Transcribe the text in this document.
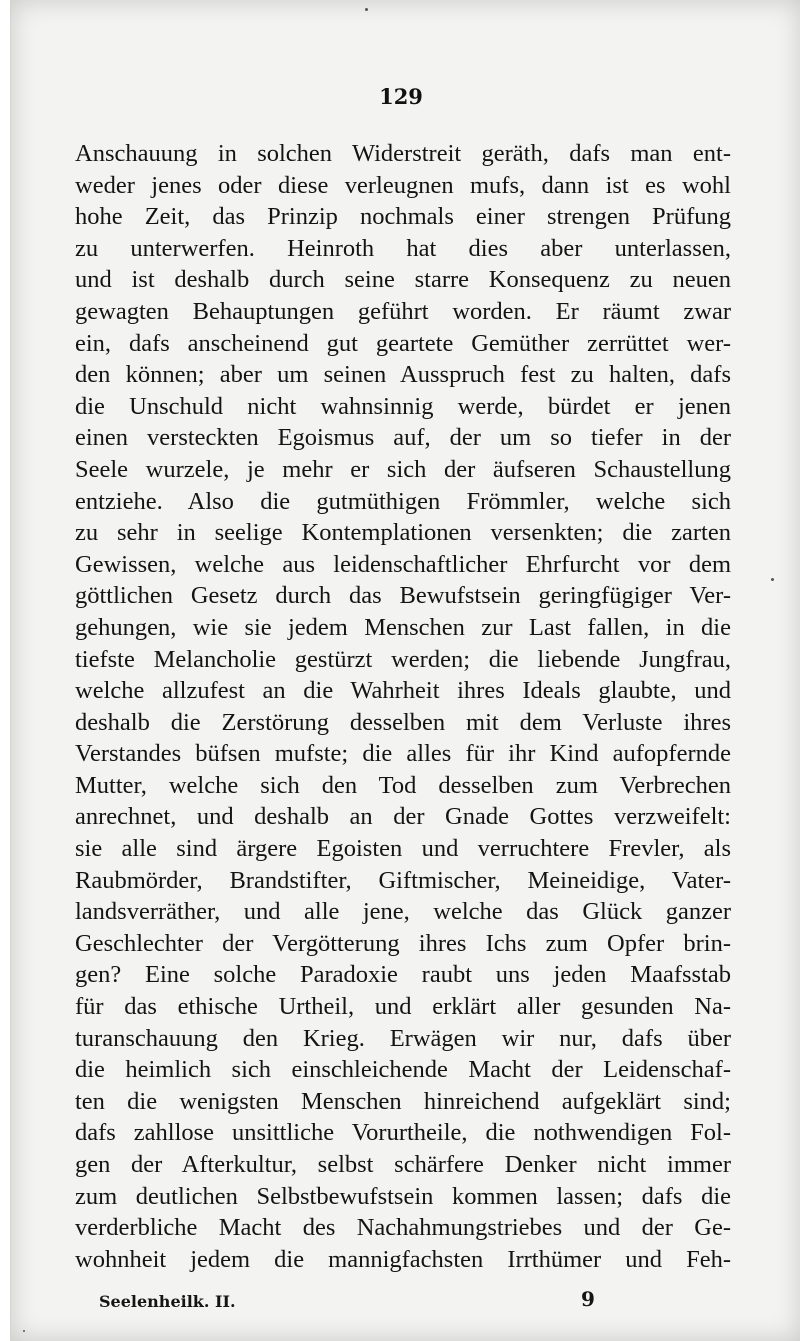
129
Anschauung in solchen Widerstreit geräth, dafs man ent-
weder jenes oder diese verleugnen mufs, dann ist es wohl
hohe Zeit, das Prinzip nochmals einer strengen Prüfung
zu unterwerfen. Heinroth hat dies aber unterlassen,
und ist deshalb durch seine starre Konsequenz zu neuen
gewagten Behauptungen geführt worden. Er räumt zwar
ein, dafs anscheinend gut geartete Gemüther zerrüttet wer-
den können; aber um seinen Ausspruch fest zu halten, dafs
die Unschuld nicht wahnsinnig werde, bürdet er jenen
einen versteckten Egoismus auf, der um so tiefer in der
Seele wurzele, je mehr er sich der äufseren Schaustellung
entziehe. Also die gutmüthigen Frömmler, welche sich
zu sehr in seelige Kontemplationen versenkten; die zarten
Gewissen, welche aus leidenschaftlicher Ehrfurcht vor dem
göttlichen Gesetz durch das Bewufstsein geringfügiger Ver-
gehungen, wie sie jedem Menschen zur Last fallen, in die
tiefste Melancholie gestürzt werden; die liebende Jungfrau,
welche allzufest an die Wahrheit ihres Ideals glaubte, und
deshalb die Zerstörung desselben mit dem Verluste ihres
Verstandes büfsen mufste; die alles für ihr Kind aufopfernde
Mutter, welche sich den Tod desselben zum Verbrechen
anrechnet, und deshalb an der Gnade Gottes verzweifelt:
sie alle sind ärgere Egoisten und verruchtere Frevler, als
Raubmörder, Brandstifter, Giftmischer, Meineidige, Vater-
landsverräther, und alle jene, welche das Glück ganzer
Geschlechter der Vergötterung ihres Ichs zum Opfer brin-
gen? Eine solche Paradoxie raubt uns jeden Maafsstab
für das ethische Urtheil, und erklärt aller gesunden Na-
turanschauung den Krieg. Erwägen wir nur, dafs über
die heimlich sich einschleichende Macht der Leidenschaf-
ten die wenigsten Menschen hinreichend aufgeklärt sind;
dafs zahllose unsittliche Vorurtheile, die nothwendigen Fol-
gen der Afterkultur, selbst schärfere Denker nicht immer
zum deutlichen Selbstbewufstsein kommen lassen; dafs die
verderbliche Macht des Nachahmungstriebes und der Ge-
wohnheit jedem die mannigfachsten Irrthümer und Feh-
Seelenheilk. II.	9
